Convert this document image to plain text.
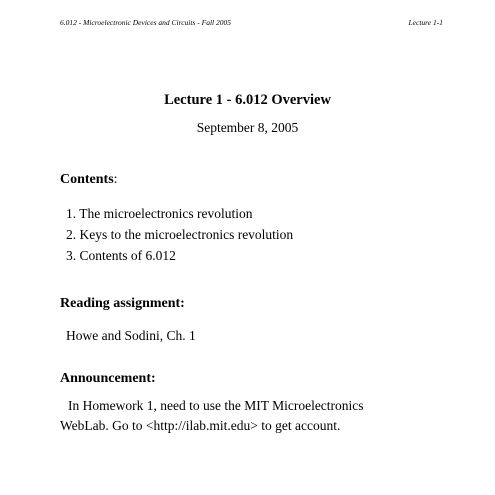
6.012 - Microelectronic Devices and Circuits - Fall 2005	Lecture 1-1
Lecture 1 - 6.012 Overview
September 8, 2005
Contents:
1. The microelectronics revolution
2. Keys to the microelectronics revolution
3. Contents of 6.012
Reading assignment:
Howe and Sodini, Ch. 1
Announcement:
In Homework 1, need to use the MIT Microelectronics
WebLab. Go to <http://ilab.mit.edu> to get account.
